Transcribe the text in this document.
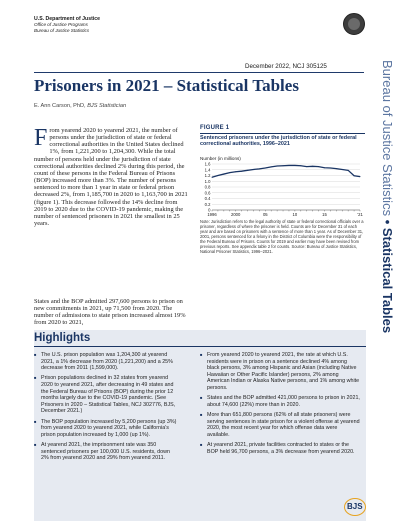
U.S. Department of Justice
Office of Justice Programs
Bureau of Justice Statistics
December 2022, NCJ 305125
Prisoners in 2021 – Statistical Tables
E. Ann Carson, PhD, BJS Statistician	Bureau of Justice Statistics • Statistical Tables
From yearend 2020 to yearend 2021, the number of persons under the jurisdiction of state or federal correctional authorities in the United States declined 1%, from 1,221,200 to 1,204,300. While the total number of persons held under the jurisdiction of state correctional authorities declined 2% during this period, the count of these persons in the Federal Bureau of Prisons (BOP) increased more than 3%. The number of persons sentenced to more than 1 year in state or federal prison decreased 2%, from 1,185,700 in 2020 to 1,163,700 in 2021 (figure 1). This decrease followed the 14% decline from 2019 to 2020 due to the COVID-19 pandemic, making the number of sentenced prisoners in 2021 the smallest in 25 years.
States and the BOP admitted 297,600 persons to prison on new commitments in 2021, up 71,500 from 2020. The number of admissions to state prison increased almost 19% from 2020 to 2021,
FIGURE 1
Sentenced prisoners under the jurisdiction of state or federal correctional authorities, 1996–2021
Number (in millions)
0
0.2
0.4
0.6
0.8
1.0
1.2
1.4
1.6
1996	2000	05	10	15	’21
Note: Jurisdiction refers to the legal authority of state or federal correctional officials over a prisoner, regardless of where the prisoner is held. Counts are for December 31 of each year and are based on prisoners with a sentence of more than 1 year. As of December 31, 2001, persons sentenced for a felony in the District of Columbia were the responsibility of the Federal Bureau of Prisons. Counts for 2019 and earlier may have been revised from previous reports. See appendix table 2 for counts. Source: Bureau of Justice Statistics, National Prisoner Statistics, 1996–2021.
Highlights
■ The U.S. prison population was 1,204,300 at yearend 2021, a 1% decrease from 2020 (1,221,200) and a 25% decrease from 2011 (1,599,000).
■ Prison populations declined in 32 states from yearend 2020 to yearend 2021, after decreasing in 49 states and the Federal Bureau of Prisons (BOP) during the prior 12 months largely due to the COVID-19 pandemic. (See Prisoners in 2020 – Statistical Tables, NCJ 302776, BJS, December 2021.)
■ The BOP population increased by 5,200 persons (up 3%) from yearend 2020 to yearend 2021, while California’s prison population increased by 1,000 (up 1%).
■ At yearend 2021, the imprisonment rate was 350 sentenced prisoners per 100,000 U.S. residents, down 2% from yearend 2020 and 29% from yearend 2011.
■ From yearend 2020 to yearend 2021, the rate at which U.S. residents were in prison on a sentence declined 4% among black persons, 3% among Hispanic and Asian (including Native Hawaiian or Other Pacific Islander) persons, 2% among American Indian or Alaska Native persons, and 1% among white persons.
■ States and the BOP admitted 421,000 persons to prison in 2021, about 74,600 (22%) more than in 2020.
■ More than 651,800 persons (62% of all state prisoners) were serving sentences in state prison for a violent offense at yearend 2020, the most recent year for which offense data were available.
■ At yearend 2021, private facilities contracted to states or the BOP held 96,700 persons, a 3% decrease from yearend 2020.
BJS
